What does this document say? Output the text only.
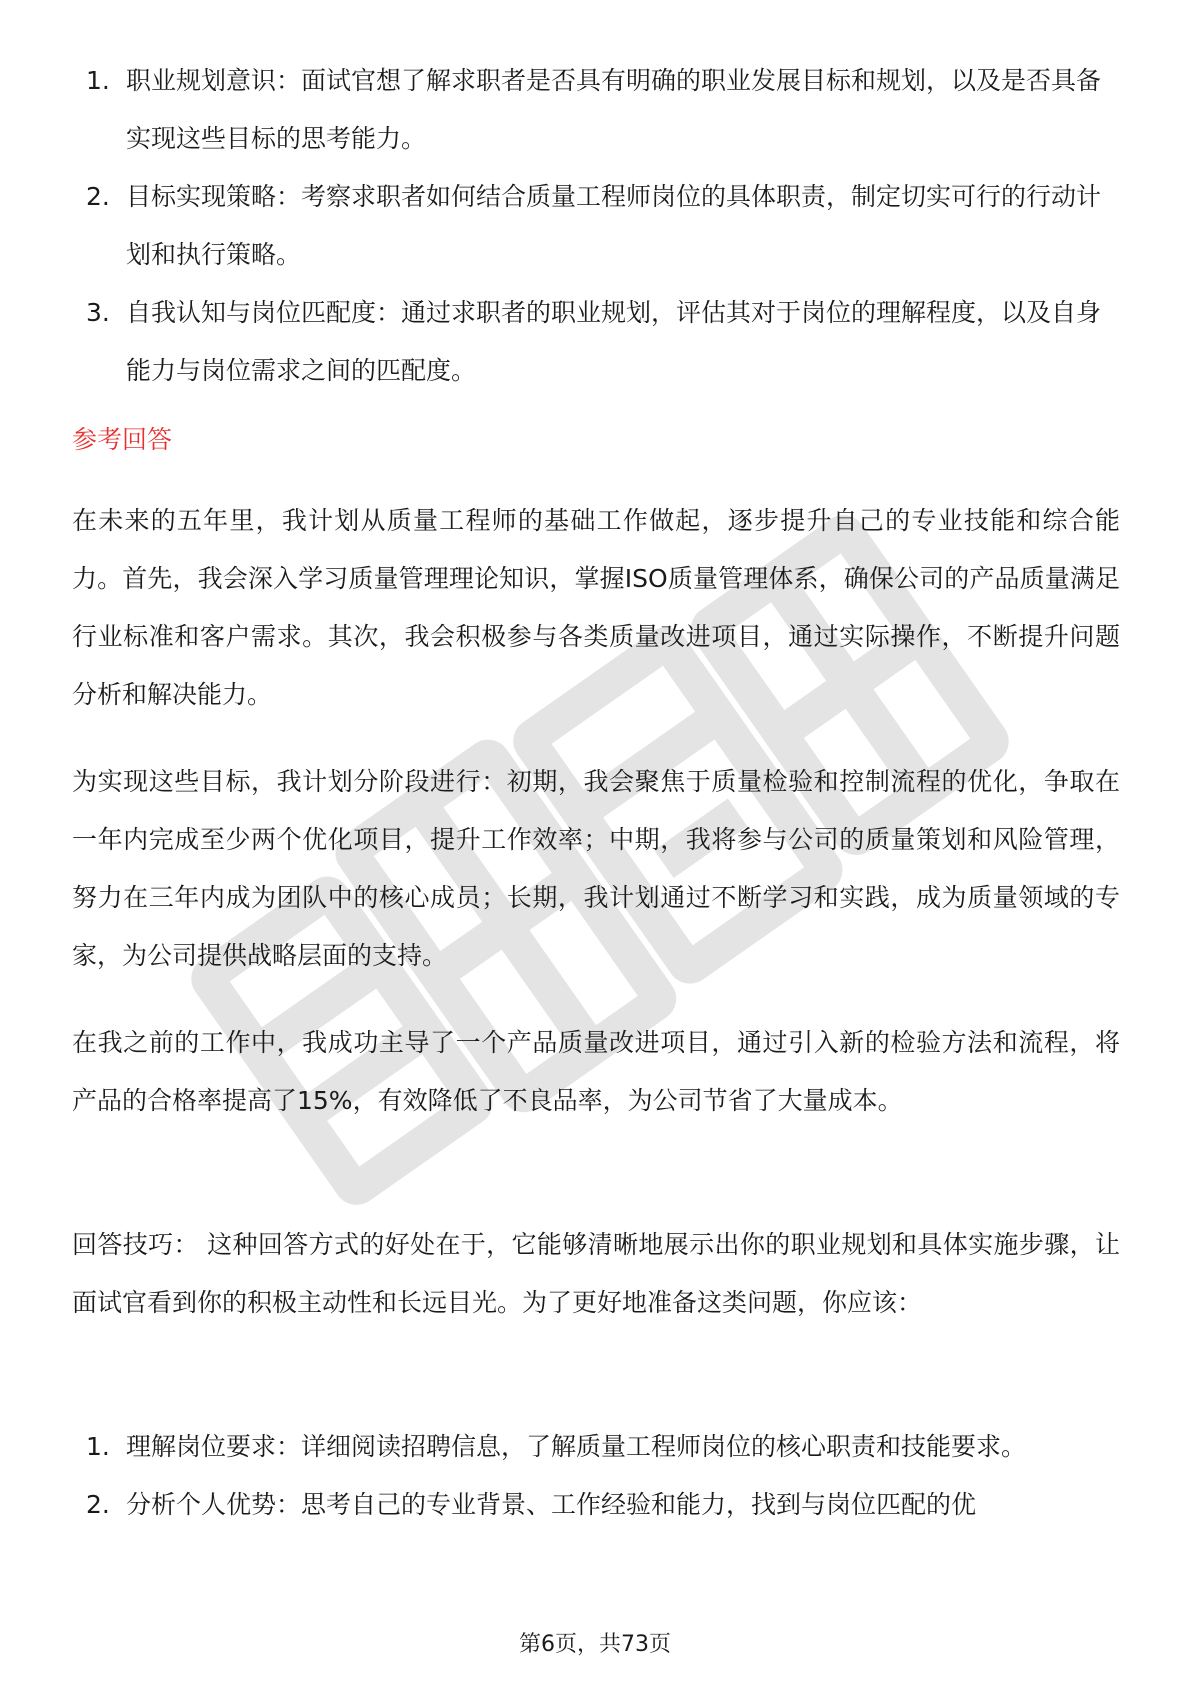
1. 职业规划意识：面试官想了解求职者是否具有明确的职业发展目标和规划，以及是否具备实现这些目标的思考能力。
2. 目标实现策略：考察求职者如何结合质量工程师岗位的具体职责，制定切实可行的行动计划和执行策略。
3. 自我认知与岗位匹配度：通过求职者的职业规划，评估其对于岗位的理解程度，以及自身能力与岗位需求之间的匹配度。
参考回答

在未来的五年里，我计划从质量工程师的基础工作做起，逐步提升自己的专业技能和综合能力。首先，我会深入学习质量管理理论知识，掌握ISO质量管理体系，确保公司的产品质量满足行业标准和客户需求。其次，我会积极参与各类质量改进项目，通过实际操作，不断提升问题分析和解决能力。

为实现这些目标，我计划分阶段进行：初期，我会聚焦于质量检验和控制流程的优化，争取在一年内完成至少两个优化项目，提升工作效率；中期，我将参与公司的质量策划和风险管理，努力在三年内成为团队中的核心成员；长期，我计划通过不断学习和实践，成为质量领域的专家，为公司提供战略层面的支持。

在我之前的工作中，我成功主导了一个产品质量改进项目，通过引入新的检验方法和流程，将产品的合格率提高了15%，有效降低了不良品率，为公司节省了大量成本。

回答技巧： 这种回答方式的好处在于，它能够清晰地展示出你的职业规划和具体实施步骤，让面试官看到你的积极主动性和长远目光。为了更好地准备这类问题，你应该：

1. 理解岗位要求：详细阅读招聘信息，了解质量工程师岗位的核心职责和技能要求。
2. 分析个人优势：思考自己的专业背景、工作经验和能力，找到与岗位匹配的优
第6页，共73页
